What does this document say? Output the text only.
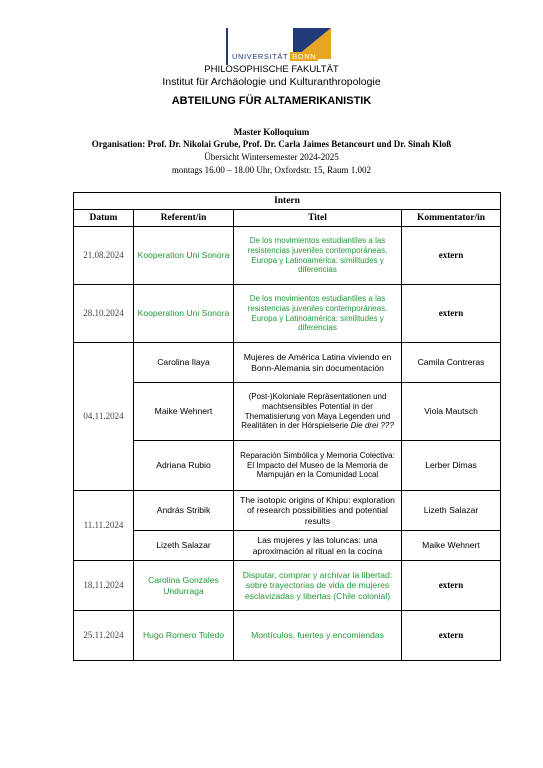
UNIVERSITÄT BONN
PHILOSOPHISCHE FAKULTÄT
Institut für Archäologie und Kulturanthropologie
ABTEILUNG FÜR ALTAMERIKANISTIK
Master Kolloquium
Organisation: Prof. Dr. Nikolai Grube, Prof. Dr. Carla Jaimes Betancourt und Dr. Sinah Kloß
Übersicht Wintersemester 2024-2025
montags 16.00 – 18.00 Uhr, Oxfordstr. 15, Raum 1.002
Intern			
Datum	Referent/in	Titel	Kommentator/in
21.08.2024	Kooperation Uni Sonora	De los movimientos estudiantiles a las resistencias juveniles contemporáneas. Europa y Latinoamérica: similitudes y diferencias	extern
28.10.2024	Kooperation Uni Sonora	De los movimientos estudiantiles a las resistencias juveniles contemporáneas. Europa y Latinoamérica: similitudes y diferencias	extern
04.11.2024	Carolina Ilaya	Mujeres de América Latina viviendo en Bonn-Alemania sin documentación	Camila Contreras
	Maike Wehnert	(Post-)Koloniale Repräsentationen und machtsensibles Potential in der Thematisierung von Maya Legenden und Realitäten in der Hörspielserie Die drei ???	Viola Mautsch
	Adriana Rubio	Reparación Simbólica y Memoria Colectiva: El Impacto del Museo de la Memoria de Mampuján en la Comunidad Local	Lerber Dimas
11.11.2024	András Stribik	The isotopic origins of Khipu: exploration of research possibilities and potential results	Lizeth Salazar
	Lizeth Salazar	Las mujeres y las toluncas: una aproximación al ritual en la cocina	Maike Wehnert
18.11.2024	Carolina Gonzales Undurraga	Disputar, comprar y archivar la libertad: sobre trayectorias de vida de mujeres esclavizadas y libertas (Chile colonial)	extern
25.11.2024	Hugo Romero Toledo	Montículos, fuertes y encomiendas	extern
